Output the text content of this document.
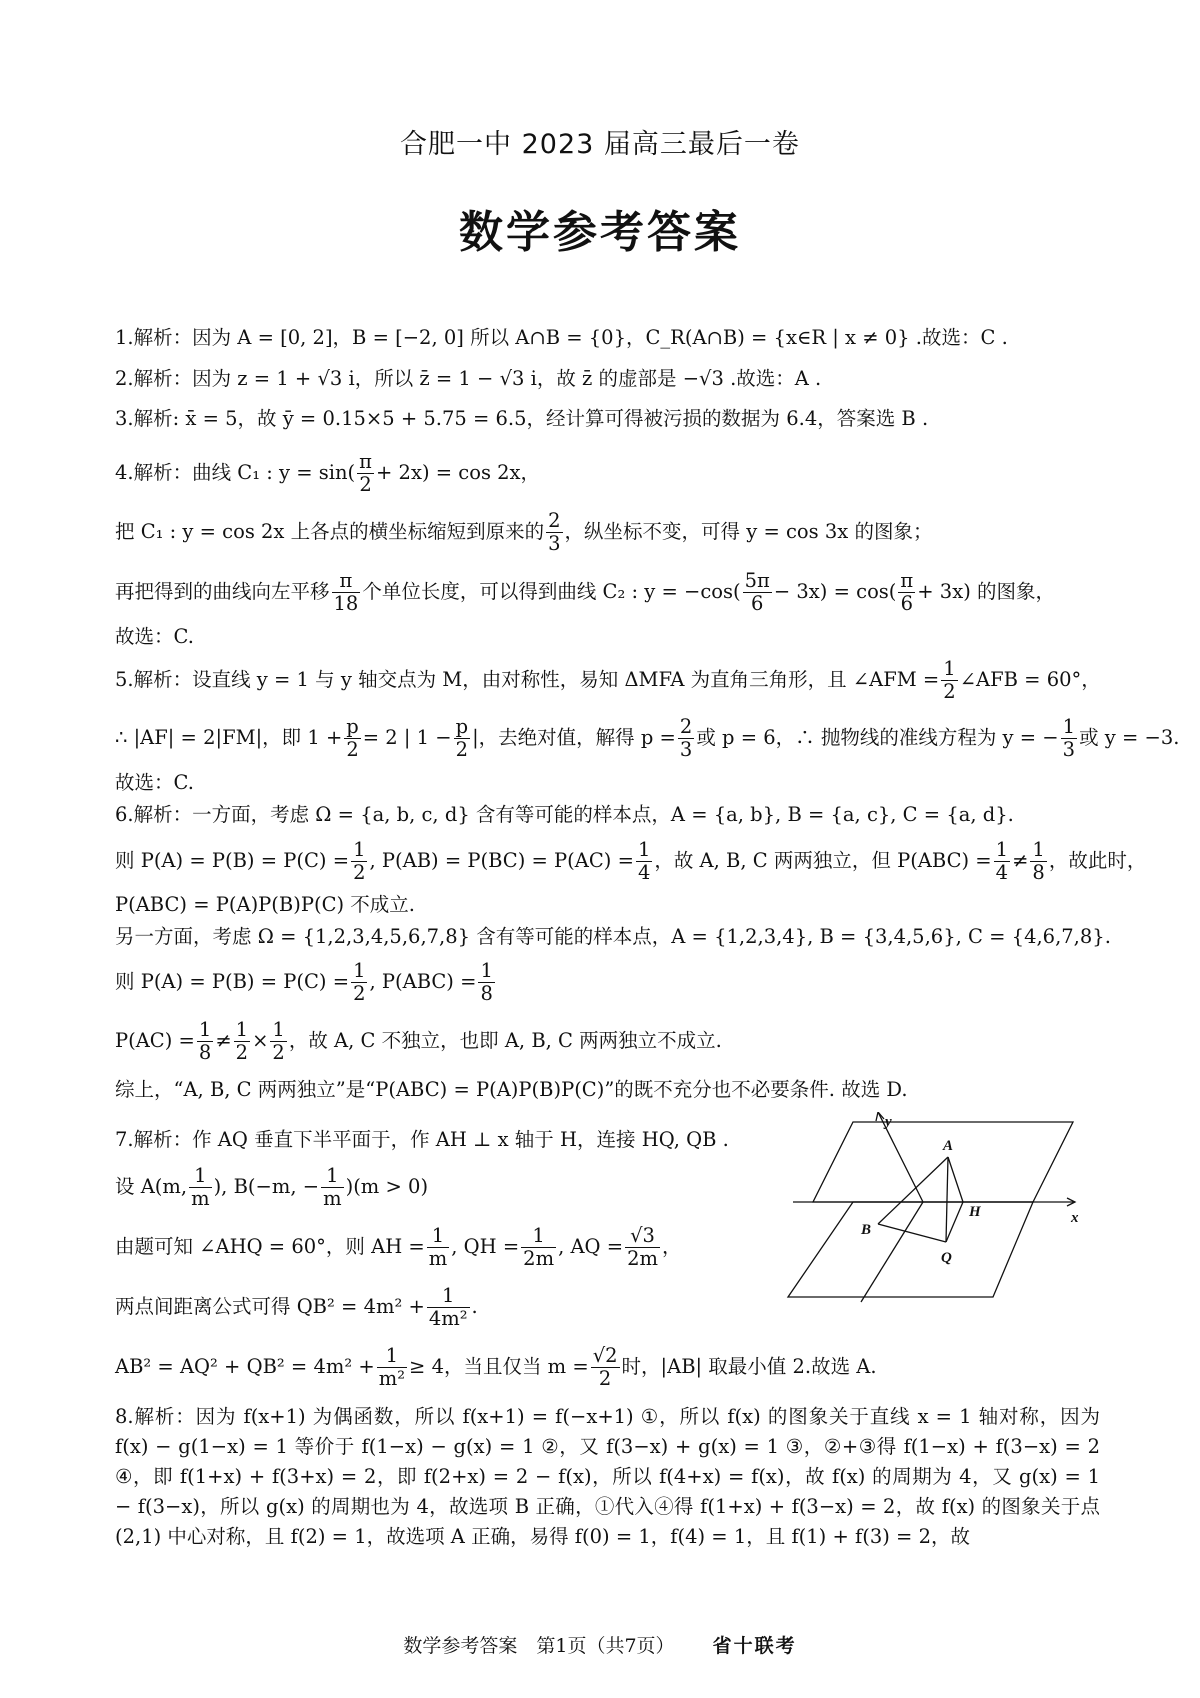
合肥一中 2023 届高三最后一卷
数学参考答案

1.解析：因为 A = [0, 2]，B = [−2, 0] 所以 A∩B = {0}，C_R(A∩B) = {x∈R | x ≠ 0} .故选：C .

2.解析：因为 z = 1 + √3 i，所以 z̄ = 1 − √3 i，故 z̄ 的虚部是 −√3 .故选：A .

3.解析: x̄ = 5，故 ȳ = 0.15×5 + 5.75 = 6.5，经计算可得被污损的数据为 6.4，答案选 B .

4.解析：曲线 C₁ : $y = \sin( \frac{\pi}{2} + 2x) = \cos 2x$，

把 C₁ : y = cos 2x 上各点的横坐标缩短到原来的 $\frac{2}{3}$ ，纵坐标不变，可得 y = cos 3x 的图象；

再把得到的曲线向左平移 $\frac{\pi}{18}$ 个单位长度，可以得到曲线 C₂ : $y = -\cos( \frac{5\pi}{6} - 3x) = \cos( \frac{\pi}{6} + 3x)$ 的图象，

故选：C.

5.解析：设直线 y = 1 与 y 轴交点为 M，由对称性，易知 ΔMFA 为直角三角形，且 ∠AFM = $\frac{1}{2}$ ∠AFB = 60°，

∴ |AF| = 2|FM|，即 $1 + \frac{p}{2} = 2$ | $1 - \frac{p}{2}$ |，去绝对值，解得 $p = \frac{2}{3}$ 或 p = 6，∴ 抛物线的准线方程为 y = − $\frac{1}{3}$ 或 y = −3.

故选：C.

6.解析：一方面，考虑 Ω = {a, b, c, d} 含有等可能的样本点，A = {a, b}, B = {a, c}, C = {a, d}.

则 $P(A) = P(B) = P(C) = \frac{1}{2}$ , $P(AB) = P(BC) = P(AC) = \frac{1}{4}$ ，故 A, B, C 两两独立，但 $P(ABC) = \frac{1}{4} \ne \frac{1}{8}$ ，故此时，

P(ABC) = P(A)P(B)P(C) 不成立.

另一方面，考虑 Ω = {1,2,3,4,5,6,7,8} 含有等可能的样本点，A = {1,2,3,4}, B = {3,4,5,6}, C = {4,6,7,8}.

则 $P(A) = P(B) = P(C) = \frac{1}{2}$ , $P(ABC) = \frac{1}{8}$

$P(AC) = \frac{1}{8} \ne \frac{1}{2} \times \frac{1}{2}$ ，故 A, C 不独立，也即 A, B, C 两两独立不成立.

综上，“A, B, C 两两独立”是“P(ABC) = P(A)P(B)P(C)”的既不充分也不必要条件. 故选 D.

7.解析：作 AQ 垂直下半平面于，作 AH ⊥ x 轴于 H，连接 HQ, QB .

设 A(m, $\frac{1}{m}$ ), B(−m, − $\frac{1}{m} )(m > 0)$

由题可知 ∠AHQ = 60°，则 AH = $\frac{1}{m}$ , QH = $\frac{1}{2m}$ , AQ = $\frac{√3}{2m}$ ，

两点间距离公式可得 $QB^2 = 4m^2 + \frac{1}{\text{4m²}}$ .

y
x
A
B
H
Q

$AB^2 = AQ^2 + QB^2 = 4m^2 + \frac{1}{\text{m²}} \ge 4$，当且仅当 $m = \frac{√2}{2}$ 时，|AB| 取最小值 2.故选 A.

8.解析：因为 f(x+1) 为偶函数，所以 f(x+1) = f(−x+1) ①，所以 f(x) 的图象关于直线 x = 1 轴对称，因为 f(x) − g(1−x) = 1 等价于 f(1−x) − g(x) = 1 ②，又 f(3−x) + g(x) = 1 ③，②+③得 f(1−x) + f(3−x) = 2 ④，即 f(1+x) + f(3+x) = 2，即 f(2+x) = 2 − f(x)，所以 f(4+x) = f(x)，故 f(x) 的周期为 4，又 g(x) = 1 − f(3−x)，所以 g(x) 的周期也为 4，故选项 B 正确，①代入④得 f(1+x) + f(3−x) = 2，故 f(x) 的图象关于点 (2,1) 中心对称，且 f(2) = 1，故选项 A 正确，易得 f(0) = 1，f(4) = 1，且 f(1) + f(3) = 2，故

数学参考答案　第1页（共7页） 省十联考
